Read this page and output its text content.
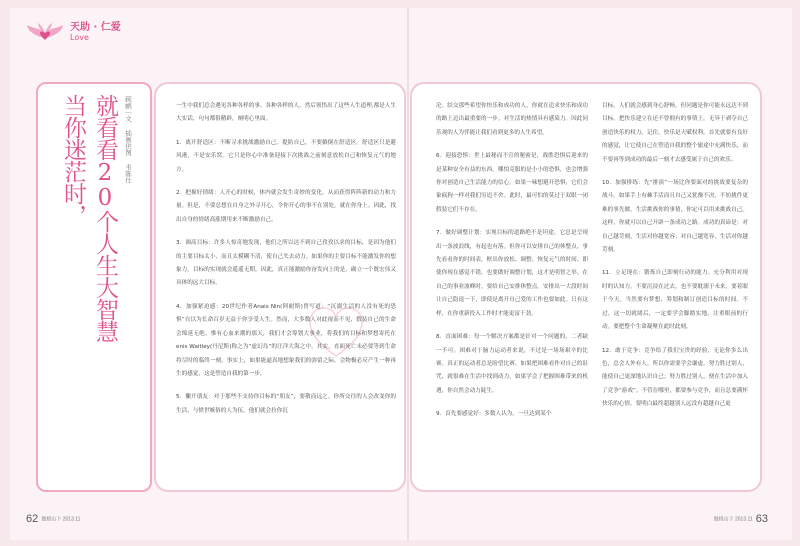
天助 · 仁爱
Love
顾鹂｜文 插画供图 韦陈仕
就看看20个人生大智慧
当你迷茫时，	一生中我们总会遇见各种各样的事、各种各样的人，然后领悟出了这些人生道理,都是人生大实话，句句都很精辟，阐明心里面。

1．离开舒适区：不断寻求挑战激励自己。提防自己，不要躺倒在舒适区。舒适区只是避风港，不是安乐窝。它只是你心中准备迎接下次挑战之前刻意放松自己和恢复元气的地方。

2．把握好情绪：人开心的时候，体内就会发生奇妙的变化，从而获得阵阵新的动力和力量。但是，不要总想在自身之外寻开心，令你开心的事不在别处，就在你身上。因此，找出自身的情绪高涨期用来不断激励自己。

3．调高目标：许多人惊奇地发现，他们之所以达不到自己孜孜以求的目标，是因为他们的主要目标太小、而且太模糊不清，使自己失去动力。如果你的主要目标不能激发你的想象力，目标的实现就会遥遥无期。因此，真正能激励你奋发向上的是，确立一个既宏伟又具体的远大目标。

4．加强紧迫感：20世纪作者Anais Nin(阿耐斯)曾写道：“沉溺生活的人没有死的恐惧”自以为长命百岁无益于你享受人生。然而，大多数人对此视而不见，假装自己的生命会绵延无绝。惟有心血来潮的那天，我们才会筹划大事业，将我们的目标和梦想寄托在enis Waitley(丹尼斯)称之为“虚幻岛”的汪洋大海之中。其实，直面死亡未必要等到生命将尽时的临终一刻。事实上，如果能逼真地想象我们的弥留之际，会物极必反产生一种再生的感觉，这是塑造自我的第一步。

5．撇开朋友：对于那些不支持你目标的“朋友”，要敬而远之。你所交往的人会改变你的生活。与愤世嫉俗的人为伍，他们就会拉你沉

沦。结交那些希望你快乐和成功的人，你就在追求快乐和成功的路上迈出最重要的一步。对生活的热情具有感染力。因此同乐观的人为伴能让我们看到更多的人生希望。

6．迎接恐惧：世上最秘而不宣的秘密是，战胜恐惧后迎来的是某种安全有益的东西。哪怕克服的是小小的恐惧，也会增强你对创造自己生活能力的信心。如果一味想避开恐惧，它们会象疯狗一样对我们穷追不舍。此时，最可怕的莫过于双眼一闭假装它们不存在。

7．做好调整计划：实现目标的道路绝不是坦途。它总是呈现出一条波浪线，有起也有落。但你可以安排自己的休整点。事先看看你的时间表，框出你放松、调整、恢复元气的时间。即使你现在感觉不错，也要做好调整计划，这才是明智之举。在自己的事业波峰时，要给自己安排休整点。安排出一大段时间让自己隐退一下，即使是离开自己爱的工作也要如此。只有这样，在你重新投入工作时才能更富干劲。

8．直面困难：每一个解决方案都是针对一个问题的。二者缺一不可。困难对于脑力运动者来说，不过是一场场艰辛的比赛。真正的运动者总是盼望比赛。如果把困难看作对自己的诅咒，就很难在生活中找到动力。如果学会了把握困难带来的机遇，你自然会动力陡生。

9．首先要感觉好：多数人认为，一旦达到某个

目标，人们就会感到身心舒畅。但问题是你可能永远达不到目标。把快乐建立在还不曾拥有的事情上，无异于剥夺自己创造快乐的权力。记住，快乐是天赋权利。首先就要有良好的感觉，让它使自己在塑造自我的整个旅途中充满快乐，而不要再等到成功的最后一刻才去感受属于自己的欢乐。

10．加强排练：先“排演”一场比你要面对的挑战要复杂的战斗。如果手上有棘手活而且自己又犹豫不决，不妨挑件更难的事先做。生活挑战你的事情，你定可以用来挑战自己。这样，你就可以自己开辟一条成功之路。成功的真谛是：对自己越苛刻，生活对你越宽容；对自己越宽容，生活对你越苛刻。

11．立足现在：锻炼自己即刻行动的能力。充分利用对现时的认知力。不要沉浸在过去，也不要耽溺于未来，要着眼于今天。当然要有梦想、筹划和制订创造目标的时间。不过，这一切就绪后，一定要学会脚踏实地、注重眼前的行动。要把整个生命凝聚在此时此刻。

12．敢于竞争：竞争给了我们宝贵的经验，无论你多么出色，总会人外有人。所以你需要学会谦虚。努力胜过别人，能使自己更深地认识自己；努力胜过别人，便在生活中加入了竞争“游戏”。不管在哪里，都要参与竞争，而且总要满怀快乐的心情。要明白最终超越别人远没有超越自己更

62 做格山下 2013.11	做格山下 2013.11 63
